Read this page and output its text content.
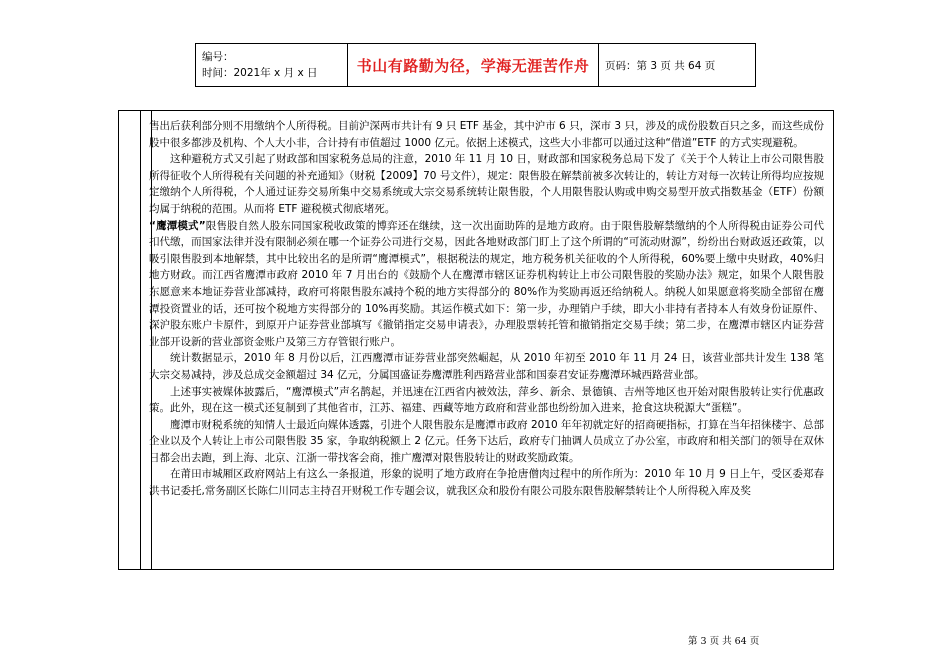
编号：
时间：2021年 x 月 x 日	书山有路勤为径，学海无涯苦作舟	页码：第 3 页 共 64 页

售出后获利部分则不用缴纳个人所得税。目前沪深两市共计有 9 只 ETF 基金，其中沪市 6 只，深市 3 只，涉及的成份股数百只之多，而这些成份股中很多都涉及机构、个人大小非，合计持有市值超过 1000 亿元。依据上述模式，这些大小非都可以通过这种“借道”ETF 的方式实现避税。

这种避税方式又引起了财政部和国家税务总局的注意，2010 年 11 月 10 日，财政部和国家税务总局下发了《关于个人转让上市公司限售股所得征收个人所得税有关问题的补充通知》（财税【2009】70 号文件），规定：限售股在解禁前被多次转让的，转让方对每一次转让所得均应按规定缴纳个人所得税，个人通过证券交易所集中交易系统或大宗交易系统转让限售股，个人用限售股认购或申购交易型开放式指数基金（ETF）份额均属于纳税的范围。从而将 ETF 避税模式彻底堵死。

“鹰潭模式”限售股自然人股东同国家税收政策的博弈还在继续，这一次出面助阵的是地方政府。由于限售股解禁缴纳的个人所得税由证券公司代扣代缴，而国家法律并没有限制必须在哪一个证券公司进行交易，因此各地财政部门盯上了这个所谓的“可流动财源”，纷纷出台财政返还政策，以吸引限售股到本地解禁，其中比较出名的是所谓“鹰潭模式”，根据税法的规定，地方税务机关征收的个人所得税，60%要上缴中央财政，40%归地方财政。而江西省鹰潭市政府 2010 年 7 月出台的《鼓励个人在鹰潭市辖区证券机构转让上市公司限售股的奖励办法》规定，如果个人限售股东愿意来本地证券营业部减持，政府可将限售股东减持个税的地方实得部分的 80%作为奖励再返还给纳税人。纳税人如果愿意将奖励全部留在鹰潭投资置业的话，还可按个税地方实得部分的 10%再奖励。其运作模式如下：第一步，办理销户手续，即大小非持有者持本人有效身份证原件、深沪股东账户卡原件，到原开户证券营业部填写《撤销指定交易申请表》，办理股票转托管和撤销指定交易手续；第二步，在鹰潭市辖区内证券营业部开设新的营业部资金账户及第三方存管银行账户。

统计数据显示，2010 年 8 月份以后，江西鹰潭市证券营业部突然崛起，从 2010 年初至 2010 年 11 月 24 日，该营业部共计发生 138 笔大宗交易减持，涉及总成交金额超过 34 亿元，分属国盛证券鹰潭胜利西路营业部和国泰君安证券鹰潭环城西路营业部。

上述事实被媒体披露后，“鹰潭模式”声名鹊起，并迅速在江西省内被效法，萍乡、新余、景德镇、吉州等地区也开始对限售股转让实行优惠政策。此外，现在这一模式还复制到了其他省市，江苏、福建、西藏等地方政府和营业部也纷纷加入进来，抢食这块税源大“蛋糕”。

鹰潭市财税系统的知情人士最近向媒体透露，引进个人限售股东是鹰潭市政府 2010 年年初就定好的招商硬指标，打算在当年招徕楼宇、总部企业以及个人转让上市公司限售股 35 家，争取纳税额上 2 亿元。任务下达后，政府专门抽调人员成立了办公室，市政府和相关部门的领导在双休日都会出去跑，到上海、北京、江浙一带找客会商，推广鹰潭对限售股转让的财政奖励政策。

在莆田市城厢区政府网站上有这么一条报道，形象的说明了地方政府在争抢唐僧肉过程中的所作所为：2010 年 10 月 9 日上午，受区委郑春洪书记委托,常务副区长陈仁川同志主持召开财税工作专题会议，就我区众和股份有限公司股东限售股解禁转让个人所得税入库及奖

第 3 页 共 64 页
